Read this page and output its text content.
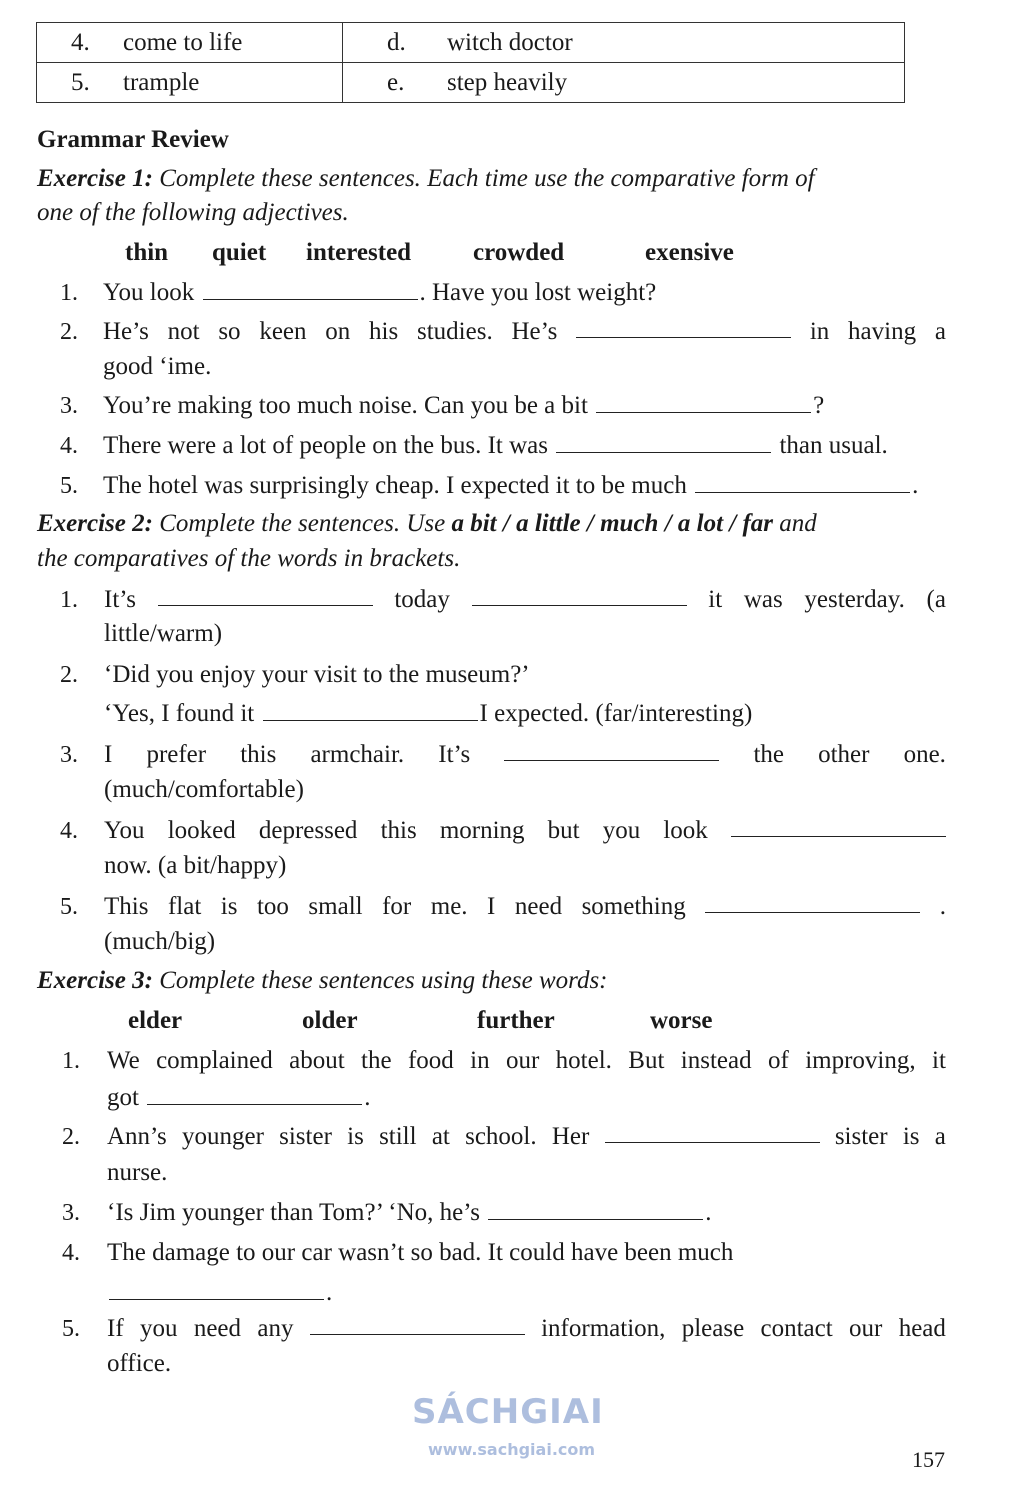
4. come to life	d. witch doctor
5. trample	e. step heavily
Grammar Review
Exercise 1: Complete these sentences. Each time use the comparative form of
one of the following adjectives.
thin quiet interested crowded	exensive
1. You look	. Have you lost weight?
2. He’s not so keen on his studies. He’s	in having a
good ‘ime.
3. You’re making too much noise. Can you be a bit	?
4. There were a lot of people on the bus. It was	than usual.
5. The hotel was surprisingly cheap. I expected it to be much	.
Exercise 2: Complete the sentences. Use a bit / a little / much / a lot / far and
the comparatives of the words in brackets.
1. It’s	today	it was yesterday. (a
little/warm)
2. ‘Did you enjoy your visit to the museum?’
‘Yes, I found it	I expected. (far/interesting)
3. I prefer this armchair. It’s	the other one.
(much/comfortable)
4. You looked depressed this morning but you look
now. (a bit/happy)
5. This flat is too small for me. I need something	.
(much/big)
Exercise 3: Complete these sentences using these words:
elder	older	further	worse
1. We complained about the food in our hotel. But instead of improving, it
got	.
2. Ann’s younger sister is still at school. Her	sister is a
nurse.
3. ‘Is Jim younger than Tom?’ ‘No, he’s	.
4. The damage to our car wasn’t so bad. It could have been much
.
5. If you need any	information, please contact our head
office.
SÁCHGIAI
www.sachgiai.com	157
